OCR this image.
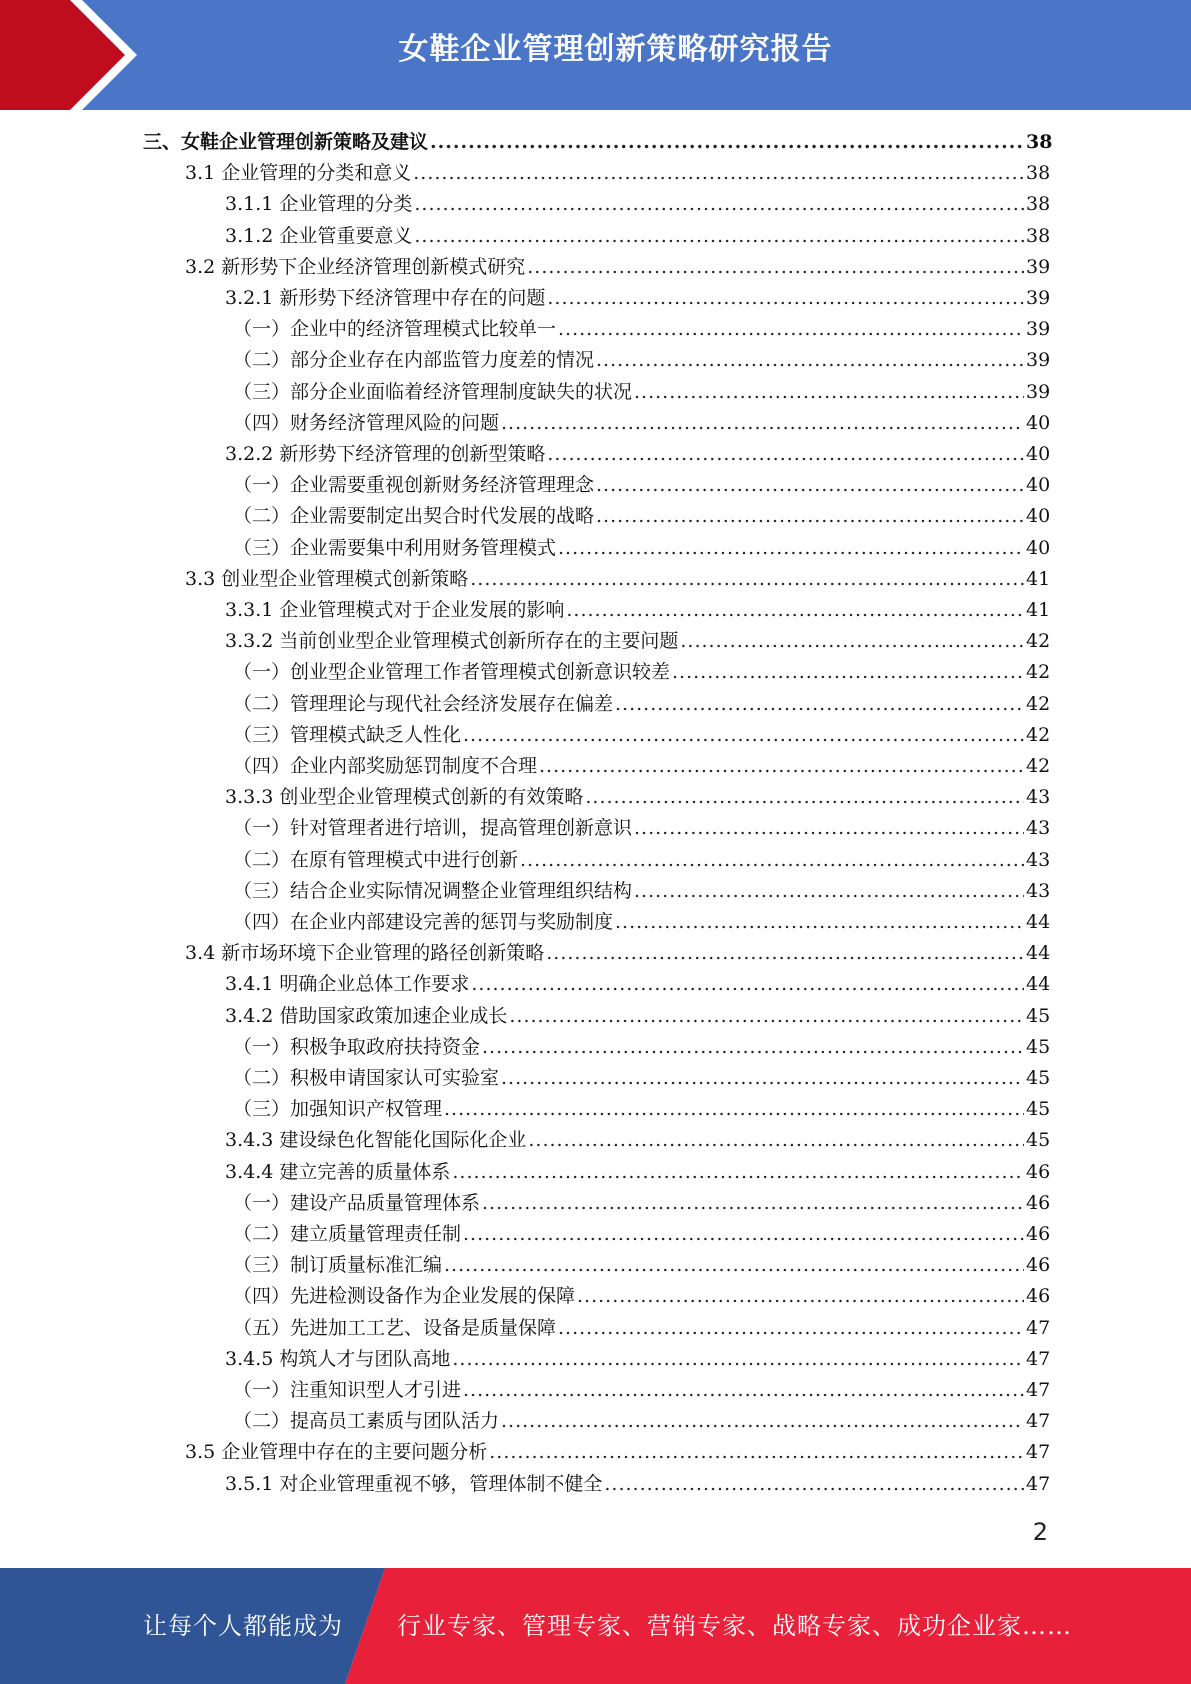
女鞋企业管理创新策略研究报告
三、女鞋企业管理创新策略及建议 .....	38
3.1 企业管理的分类和意义 .....	38
3.1.1 企业管理的分类 .....	38
3.1.2 企业管重要意义 .....	38
3.2 新形势下企业经济管理创新模式研究 .....	39
3.2.1 新形势下经济管理中存在的问题 .....	39
（一）企业中的经济管理模式比较单一 .....	39
（二）部分企业存在内部监管力度差的情况 .....	39
（三）部分企业面临着经济管理制度缺失的状况 .....	39
（四）财务经济管理风险的问题 .....	40
3.2.2 新形势下经济管理的创新型策略 .....	40
（一）企业需要重视创新财务经济管理理念 .....	40
（二）企业需要制定出契合时代发展的战略 .....	40
（三）企业需要集中利用财务管理模式 .....	40
3.3 创业型企业管理模式创新策略 .....	41
3.3.1 企业管理模式对于企业发展的影响 .....	41
3.3.2 当前创业型企业管理模式创新所存在的主要问题 .....	42
（一）创业型企业管理工作者管理模式创新意识较差 .....	42
（二）管理理论与现代社会经济发展存在偏差 .....	42
（三）管理模式缺乏人性化 .....	42
（四）企业内部奖励惩罚制度不合理 .....	42
3.3.3 创业型企业管理模式创新的有效策略 .....	43
（一）针对管理者进行培训，提高管理创新意识 .....	43
（二）在原有管理模式中进行创新 .....	43
（三）结合企业实际情况调整企业管理组织结构 .....	43
（四）在企业内部建设完善的惩罚与奖励制度 .....	44
3.4 新市场环境下企业管理的路径创新策略 .....	44
3.4.1 明确企业总体工作要求 .....	44
3.4.2 借助国家政策加速企业成长 .....	45
（一）积极争取政府扶持资金 .....	45
（二）积极申请国家认可实验室 .....	45
（三）加强知识产权管理 .....	45
3.4.3 建设绿色化智能化国际化企业 .....	45
3.4.4 建立完善的质量体系 .....	46
（一）建设产品质量管理体系 .....	46
（二）建立质量管理责任制 .....	46
（三）制订质量标准汇编 .....	46
（四）先进检测设备作为企业发展的保障 .....	46
（五）先进加工工艺、设备是质量保障 .....	47
3.4.5 构筑人才与团队高地 .....	47
（一）注重知识型人才引进 .....	47
（二）提高员工素质与团队活力 .....	47
3.5 企业管理中存在的主要问题分析 .....	47
3.5.1 对企业管理重视不够，管理体制不健全 .....	47
2
让每个人都能成为 行业专家、管理专家、营销专家、战略专家、成功企业家……
